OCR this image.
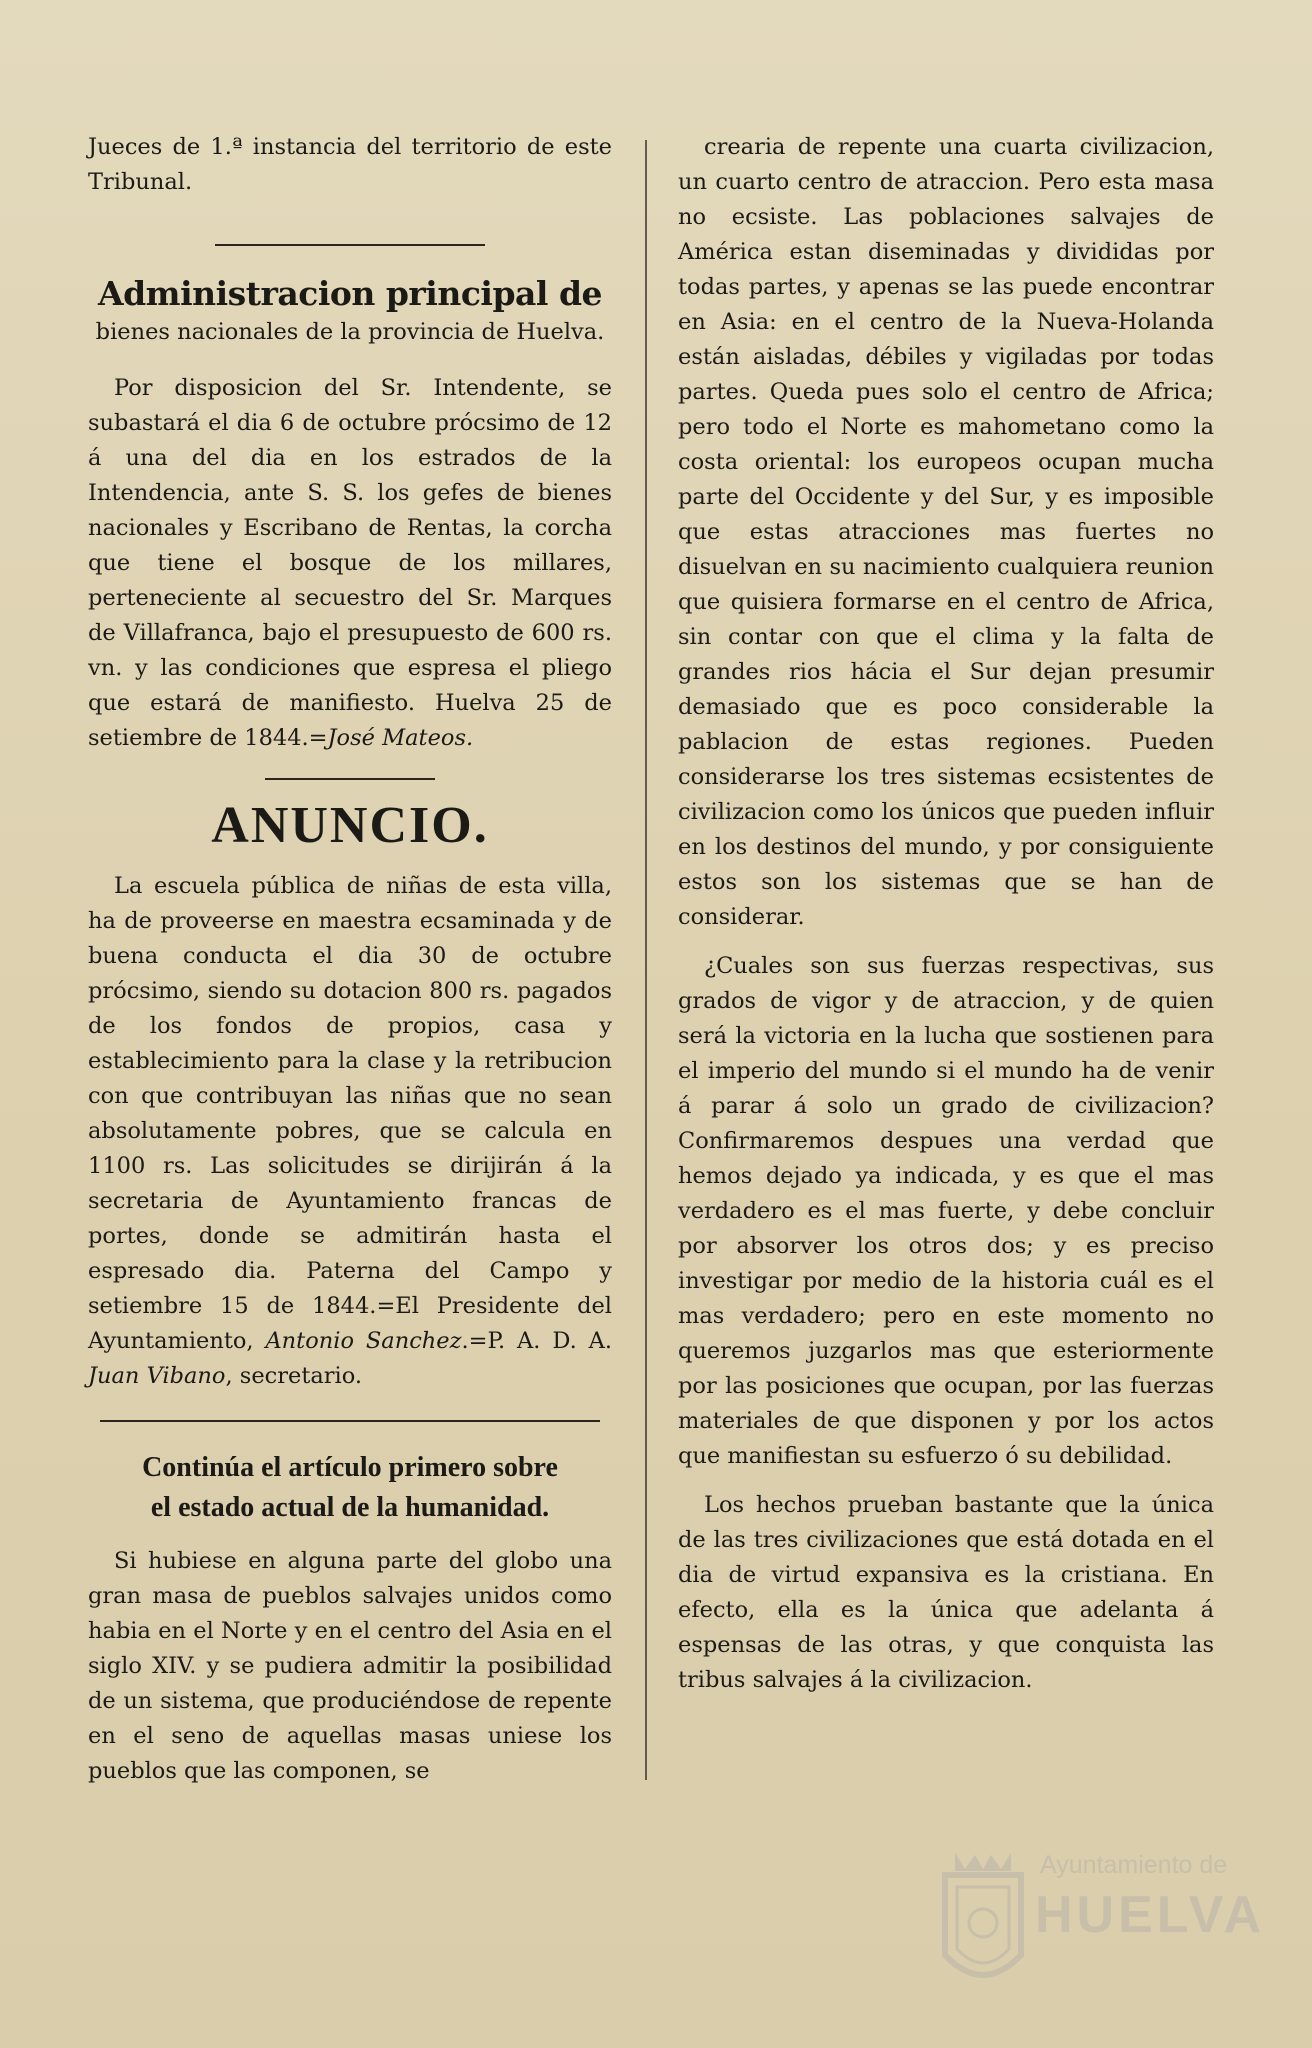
Jueces de 1.ª instancia del territorio de este Tribunal.

Administracion principal de
bienes nacionales de la provincia de Huelva.

Por disposicion del Sr. Intendente, se subastará el dia 6 de octubre prócsimo de 12 á una del dia en los estrados de la Intendencia, ante S. S. los gefes de bienes nacionales y Escribano de Rentas, la corcha que tiene el bosque de los millares, perteneciente al secuestro del Sr. Marques de Villafranca, bajo el presupuesto de 600 rs. vn. y las condiciones que espresa el pliego que estará de manifiesto. Huelva 25 de setiembre de 1844.=José Mateos.

ANUNCIO.

La escuela pública de niñas de esta villa, ha de proveerse en maestra ecsaminada y de buena conducta el dia 30 de octubre prócsimo, siendo su dotacion 800 rs. pagados de los fondos de propios, casa y establecimiento para la clase y la retribucion con que contribuyan las niñas que no sean absolutamente pobres, que se calcula en 1100 rs. Las solicitudes se dirijirán á la secretaria de Ayuntamiento francas de portes, donde se admitirán hasta el espresado dia. Paterna del Campo y setiembre 15 de 1844.=El Presidente del Ayuntamiento, Antonio Sanchez.=P. A. D. A. Juan Vibano, secretario.

Continúa el artículo primero sobre
el estado actual de la humanidad.

Si hubiese en alguna parte del globo una gran masa de pueblos salvajes unidos como habia en el Norte y en el centro del Asia en el siglo XIV. y se pudiera admitir la posibilidad de un sistema, que produciéndose de repente en el seno de aquellas masas uniese los pueblos que las componen, se

crearia de repente una cuarta civilizacion, un cuarto centro de atraccion. Pero esta masa no ecsiste. Las poblaciones salvajes de América estan diseminadas y divididas por todas partes, y apenas se las puede encontrar en Asia: en el centro de la Nueva-Holanda están aisladas, débiles y vigiladas por todas partes. Queda pues solo el centro de Africa; pero todo el Norte es mahometano como la costa oriental: los europeos ocupan mucha parte del Occidente y del Sur, y es imposible que estas atracciones mas fuertes no disuelvan en su nacimiento cualquiera reunion que quisiera formarse en el centro de Africa, sin contar con que el clima y la falta de grandes rios hácia el Sur dejan presumir demasiado que es poco considerable la pablacion de estas regiones. Pueden considerarse los tres sistemas ecsistentes de civilizacion como los únicos que pueden influir en los destinos del mundo, y por consiguiente estos son los sistemas que se han de considerar.

¿Cuales son sus fuerzas respectivas, sus grados de vigor y de atraccion, y de quien será la victoria en la lucha que sostienen para el imperio del mundo si el mundo ha de venir á parar á solo un grado de civilizacion? Confirmaremos despues una verdad que hemos dejado ya indicada, y es que el mas verdadero es el mas fuerte, y debe concluir por absorver los otros dos; y es preciso investigar por medio de la historia cuál es el mas verdadero; pero en este momento no queremos juzgarlos mas que esteriormente por las posiciones que ocupan, por las fuerzas materiales de que disponen y por los actos que manifiestan su esfuerzo ó su debilidad.

Los hechos prueban bastante que la única de las tres civilizaciones que está dotada en el dia de virtud expansiva es la cristiana. En efecto, ella es la única que adelanta á espensas de las otras, y que conquista las tribus salvajes á la civilizacion.

Ayuntamiento de
HUELVA
